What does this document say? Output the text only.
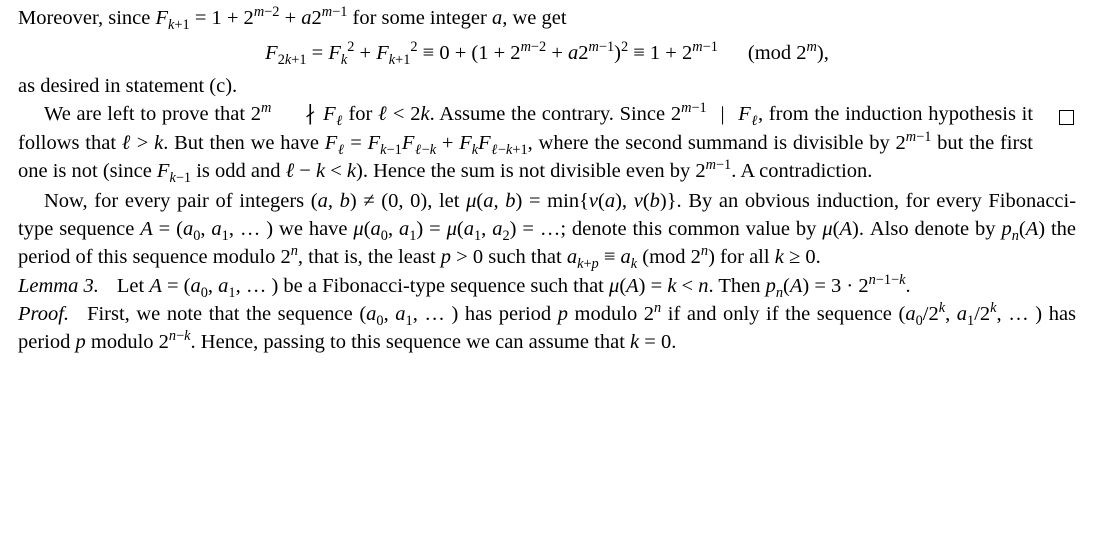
Moreover, since $F_{k+1} = 1 + 2^{m-2} + a2^{m-1}$ for some integer a, we get

$F_{2k+1} = F_k^2 + F_{k+1}^2 \equiv 0 + (1 + 2^{m-2} + a2^{m-1})^2 \equiv 1 + 2^{m-1}$ (mod 2$^m$),

as desired in statement (c).

We are left to prove that 2$^m$ ∤ $F_\ell$ for ℓ < 2k. Assume the contrary. Since $2^{m-1}$ | $F_\ell$, from the induction hypothesis it follows that ℓ > k. But then we have $F_\ell = F_{k-1}F_{\ell-k} + F_kF_{\ell-k+1}$, where the second summand is divisible by $2^{m-1}$ but the first one is not (since $F_{k-1}$ is odd and ℓ − k < k). Hence the sum is not divisible even by $2^{m-1}$. A contradiction.

Now, for every pair of integers (a, b) ≠ (0, 0), let μ(a, b) = min{ν(a), ν(b)}. By an obvious induction, for every Fibonacci-type sequence $A = (a_0$, $a_1$, … ) we have $\mu(a_0$, $a_1) = \mu(a_1$, $a_2$) = …; denote this common value by μ(A). Also denote by $p_n(A)$ the period of this sequence modulo 2$^n$, that is, the least p > 0 such that $a_{k+p} \equiv a_k$ (mod 2$^n$) for all k ≥ 0.

Lemma 3. Let $A = (a_0$, $a_1$, … ) be a Fibonacci-type sequence such that μ(A) = k < n. Then $p_n(A) = 3 \cdot 2^{n-1-k}$.

Proof. First, we note that the sequence ($a_0$, $a_1$, … ) has period p modulo 2$^n$ if and only if the sequence ($a_0/2^k$, $a_1/2^k$, … ) has period p modulo $2^{n-k}$. Hence, passing to this sequence we can assume that k = 0.
